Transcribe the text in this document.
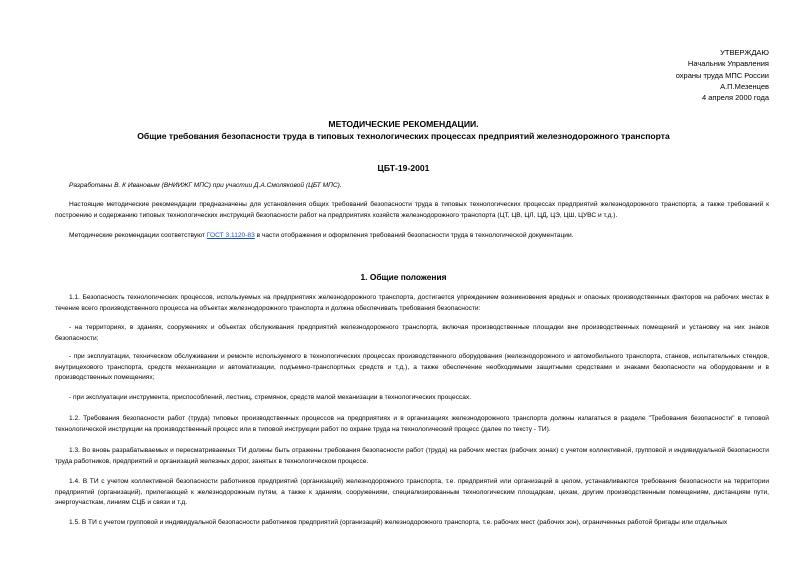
УТВЕРЖДАЮ
Начальник Управления
охраны труда МПС России
А.П.Мезенцев
4 апреля 2000 года
МЕТОДИЧЕСКИЕ РЕКОМЕНДАЦИИ.
Общие требования безопасности труда в типовых технологических процессах предприятий железнодорожного транспорта
ЦБТ-19-2001
Разработаны В. К Ивановым (ВНИИЖГ МПС) при участии Д.А.Смоляковой (ЦБТ МПС).
Настоящие методические рекомендации предназначены для установления общих требований безопасности труда в типовых технологических процессах предприятий железнодорожного транспорта, а также требований к построению и содержанию типовых технологических инструкций безопасности работ на предприятиях хозяйств железнодорожного транспорта (ЦТ, ЦВ, ЦЛ, ЦД, ЦЭ, ЦШ, ЦУВС и т.д.).
Методические рекомендации соответствуют ГОСТ 3.1120-83 в части отображения и оформления требований безопасности труда в технологической документации.
1. Общие положения
1.1. Безопасность технологических процессов, используемых на предприятиях железнодорожного транспорта, достигается упреждением возникновения вредных и опасных производственных факторов на рабочих местах в течение всего производственного процесса на объектах железнодорожного транспорта и должна обеспечивать требования безопасности:
- на территориях, в зданиях, сооружениях и объектах обслуживания предприятий железнодорожного транспорта, включая производственные площадки вне производственных помещений и установку на них знаков безопасности;
- при эксплуатации, техническом обслуживании и ремонте используемого в технологических процессах производственного оборудования (железнодорожного и автомобильного транспорта, станков, испытательных стендов, внутрицехового транспорта, средств механизации и автоматизации, подъемно-транспортных средств и т.д.), а также обеспечение необходимыми защитными средствами и знаками безопасности на оборудовании и в производственных помещениях;
- при эксплуатации инструмента, приспособлений, лестниц, стремянок, средств малой механизации в технологических процессах.
1.2. Требования безопасности работ (труда) типовых производственных процессов на предприятиях и в организациях железнодорожного транспорта должны излагаться в разделе "Требования безопасности" в типовой технологической инструкции на производственный процесс или в типовой инструкции работ по охране труда на технологический процесс (далее по тексту - ТИ).
1.3. Во вновь разрабатываемых и пересматриваемых ТИ должны быть отражены требования безопасности работ (труда) на рабочих местах (рабочих зонах) с учетом коллективной, групповой и индивидуальной безопасности труда работников, предприятий и организаций железных дорог, занятых в технологическом процессе.
1.4. В ТИ с учетом коллективной безопасности работников предприятий (организаций) железнодорожного транспорта, т.е. предприятий или организаций в целом, устанавливаются требования безопасности на территории предприятий (организаций), прилегающей к железнодорожным путям, а также к зданиям, сооружениям, специализированным технологическим площадкам, цехам, другим производственным помещениям, дистанциям пути, энергоучасткам, линиям СЦБ и связи и т.д.
1.5. В ТИ с учетом групповой и индивидуальной безопасности работников предприятий (организаций) железнодорожного транспорта, т.е. рабочих мест (рабочих зон), ограниченных работой бригады или отдельных
